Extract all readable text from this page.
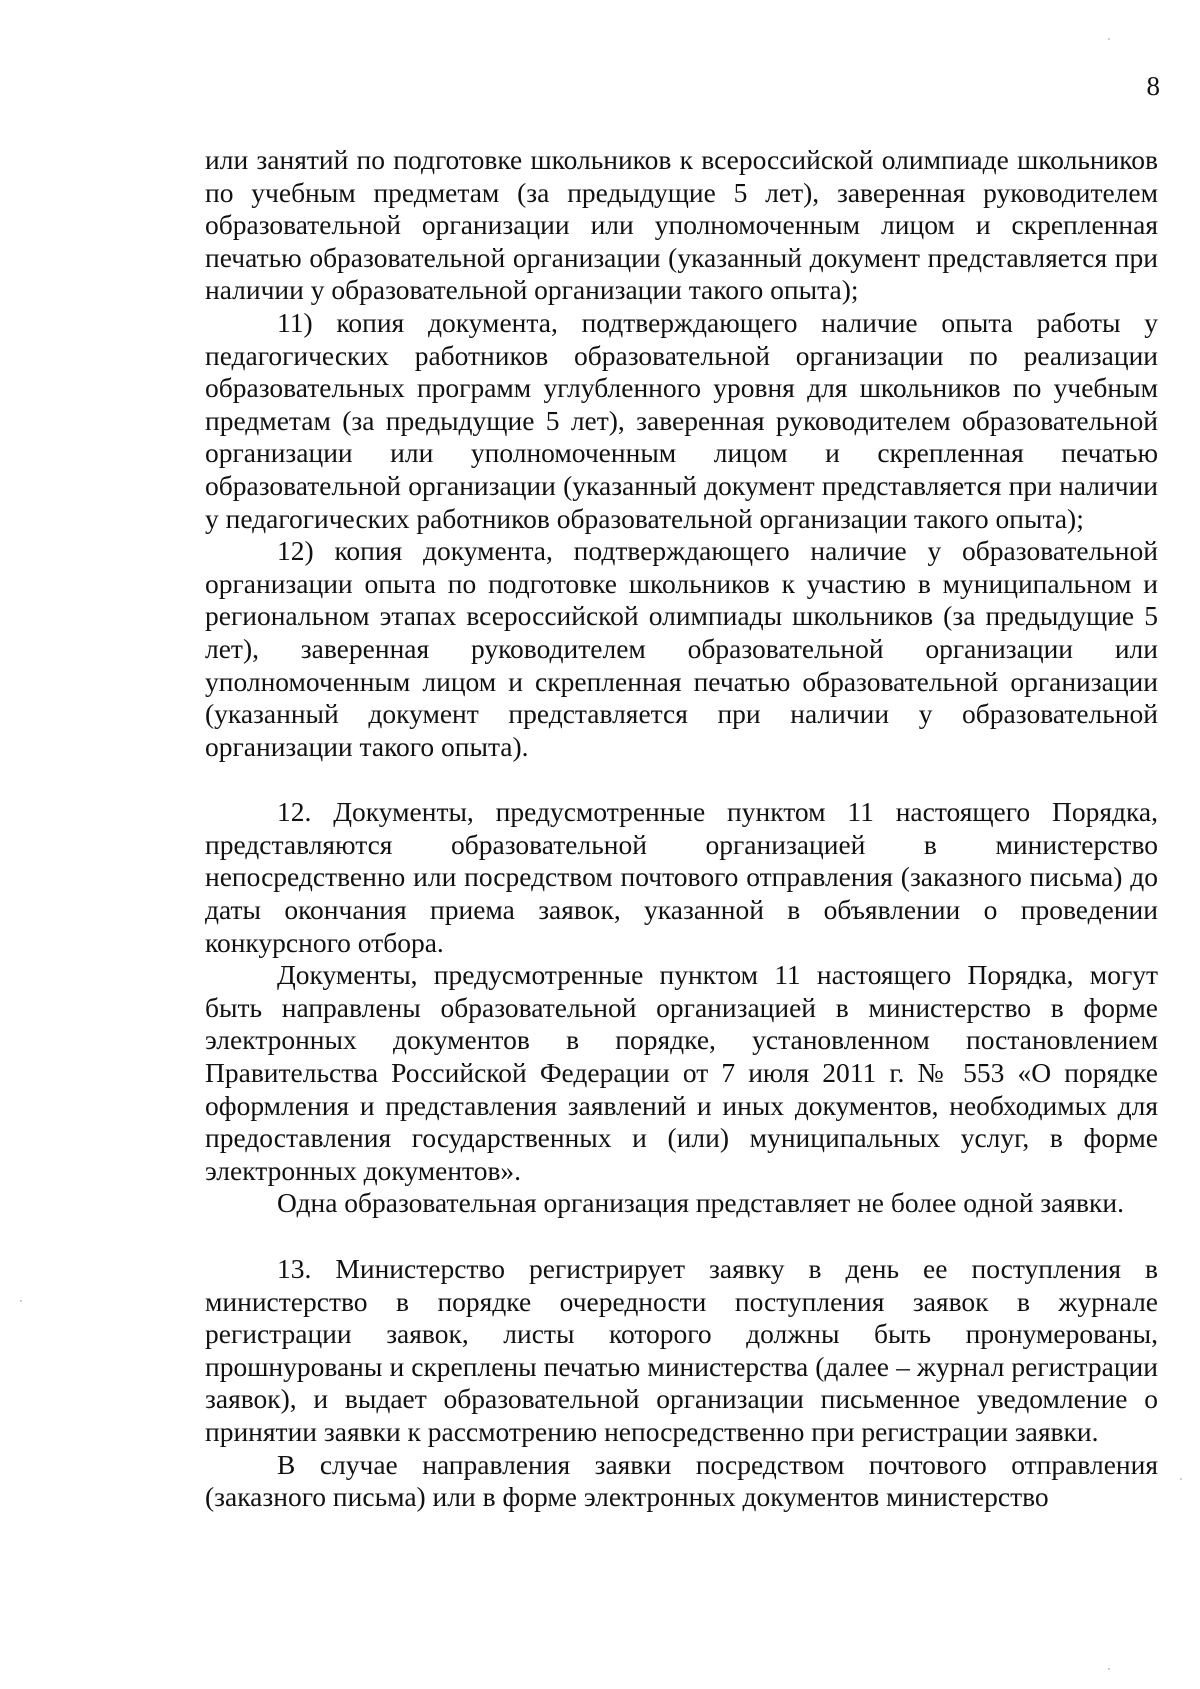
8

или занятий по подготовке школьников к всероссийской олимпиаде школьников по учебным предметам (за предыдущие 5 лет), заверенная руководителем образовательной организации или уполномоченным лицом и скрепленная печатью образовательной организации (указанный документ представляется при наличии у образовательной организации такого опыта);

11) копия документа, подтверждающего наличие опыта работы у педагогических работников образовательной организации по реализации образовательных программ углубленного уровня для школьников по учебным предметам (за предыдущие 5 лет), заверенная руководителем образовательной организации или уполномоченным лицом и скрепленная печатью образовательной организации (указанный документ представляется при наличии у педагогических работников образовательной организации такого опыта);

12) копия документа, подтверждающего наличие у образовательной организации опыта по подготовке школьников к участию в муниципальном и региональном этапах всероссийской олимпиады школьников (за предыдущие 5 лет), заверенная руководителем образовательной организации или уполномоченным лицом и скрепленная печатью образовательной организации (указанный документ представляется при наличии у образовательной организации такого опыта).

12. Документы, предусмотренные пунктом 11 настоящего Порядка, представляются образовательной организацией в министерство непосредственно или посредством почтового отправления (заказного письма) до даты окончания приема заявок, указанной в объявлении о проведении конкурсного отбора.

Документы, предусмотренные пунктом 11 настоящего Порядка, могут быть направлены образовательной организацией в министерство в форме электронных документов в порядке, установленном постановлением Правительства Российской Федерации от 7 июля 2011 г. № 553 «О порядке оформления и представления заявлений и иных документов, необходимых для предоставления государственных и (или) муниципальных услуг, в форме электронных документов».

Одна образовательная организация представляет не более одной заявки.

13. Министерство регистрирует заявку в день ее поступления в министерство в порядке очередности поступления заявок в журнале регистрации заявок, листы которого должны быть пронумерованы, прошнурованы и скреплены печатью министерства (далее – журнал регистрации заявок), и выдает образовательной организации письменное уведомление о принятии заявки к рассмотрению непосредственно при регистрации заявки.

В случае направления заявки посредством почтового отправления (заказного письма) или в форме электронных документов министерство
